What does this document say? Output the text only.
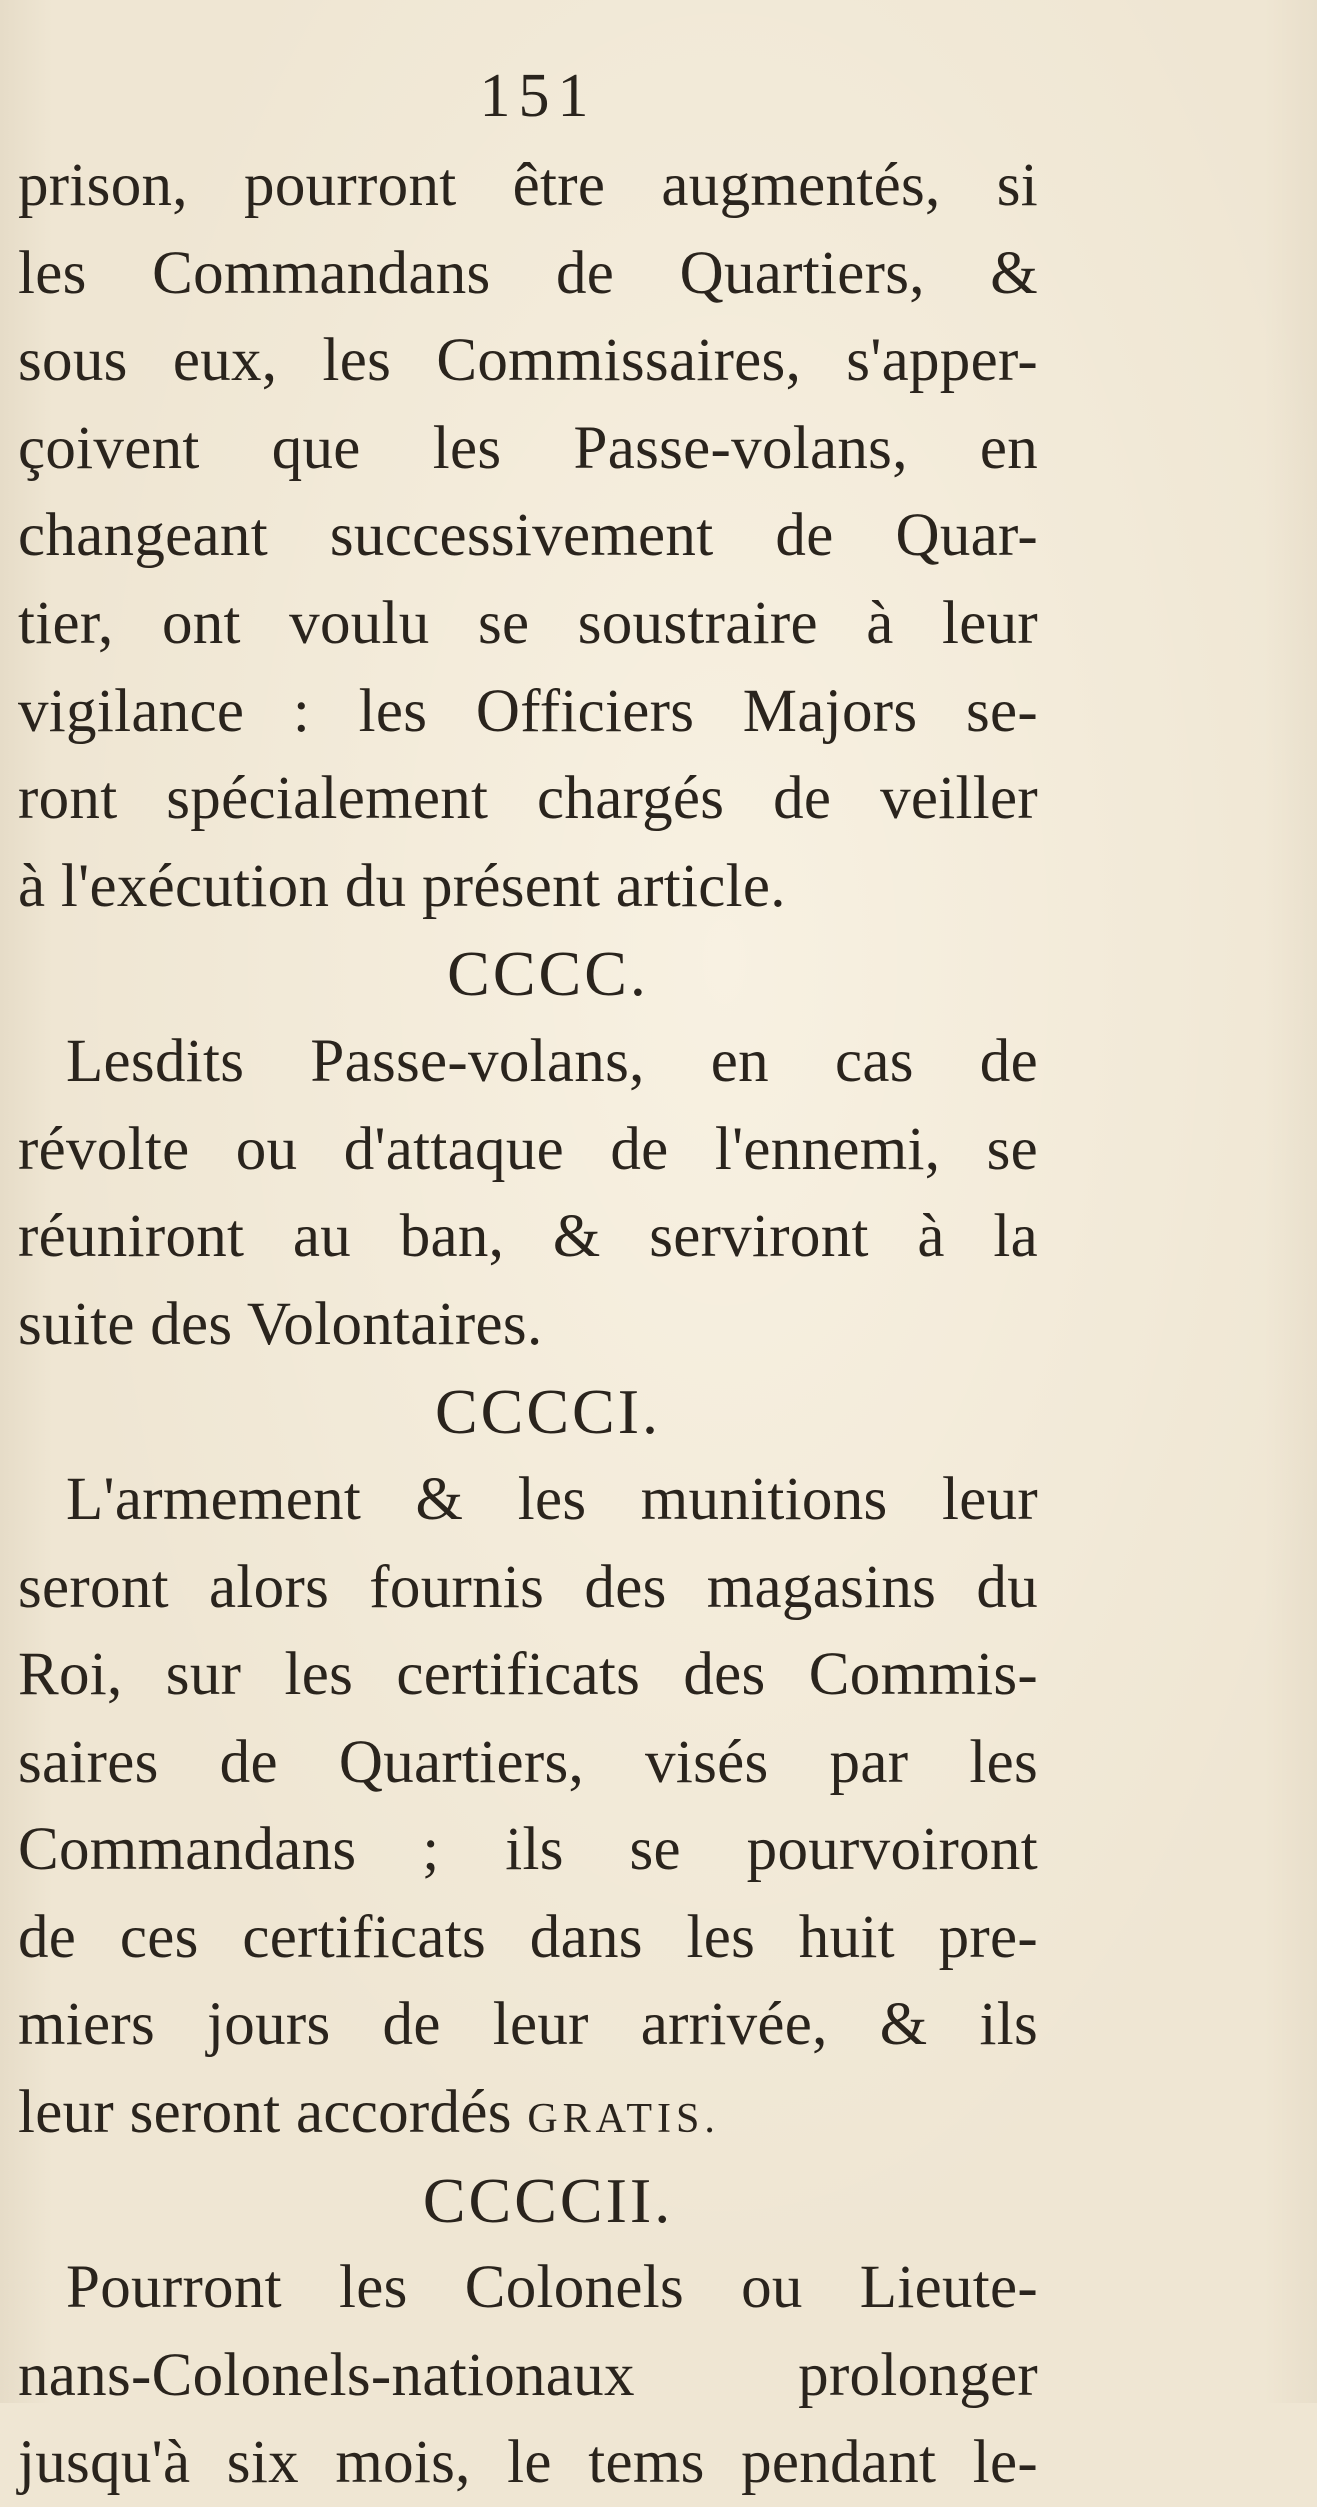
151
prison, pourront être augmentés, si
les Commandans de Quartiers, &
sous eux, les Commissaires, s'apper-
çoivent que les Passe-volans, en
changeant successivement de Quar-
tier, ont voulu se soustraire à leur
vigilance : les Officiers Majors se-
ront spécialement chargés de veiller
à l'exécution du présent article.
CCCC.
Lesdits Passe-volans, en cas de
révolte ou d'attaque de l'ennemi, se
réuniront au ban, & serviront à la
suite des Volontaires.
CCCCI.
L'armement & les munitions leur
seront alors fournis des magasins du
Roi, sur les certificats des Commis-
saires de Quartiers, visés par les
Commandans ; ils se pourvoiront
de ces certificats dans les huit pre-
miers jours de leur arrivée, & ils
leur seront accordés GRATIS.
CCCCII.
Pourront les Colonels ou Lieute-
nans-Colonels-nationaux prolonger
jusqu'à six mois, le tems pendant le-
